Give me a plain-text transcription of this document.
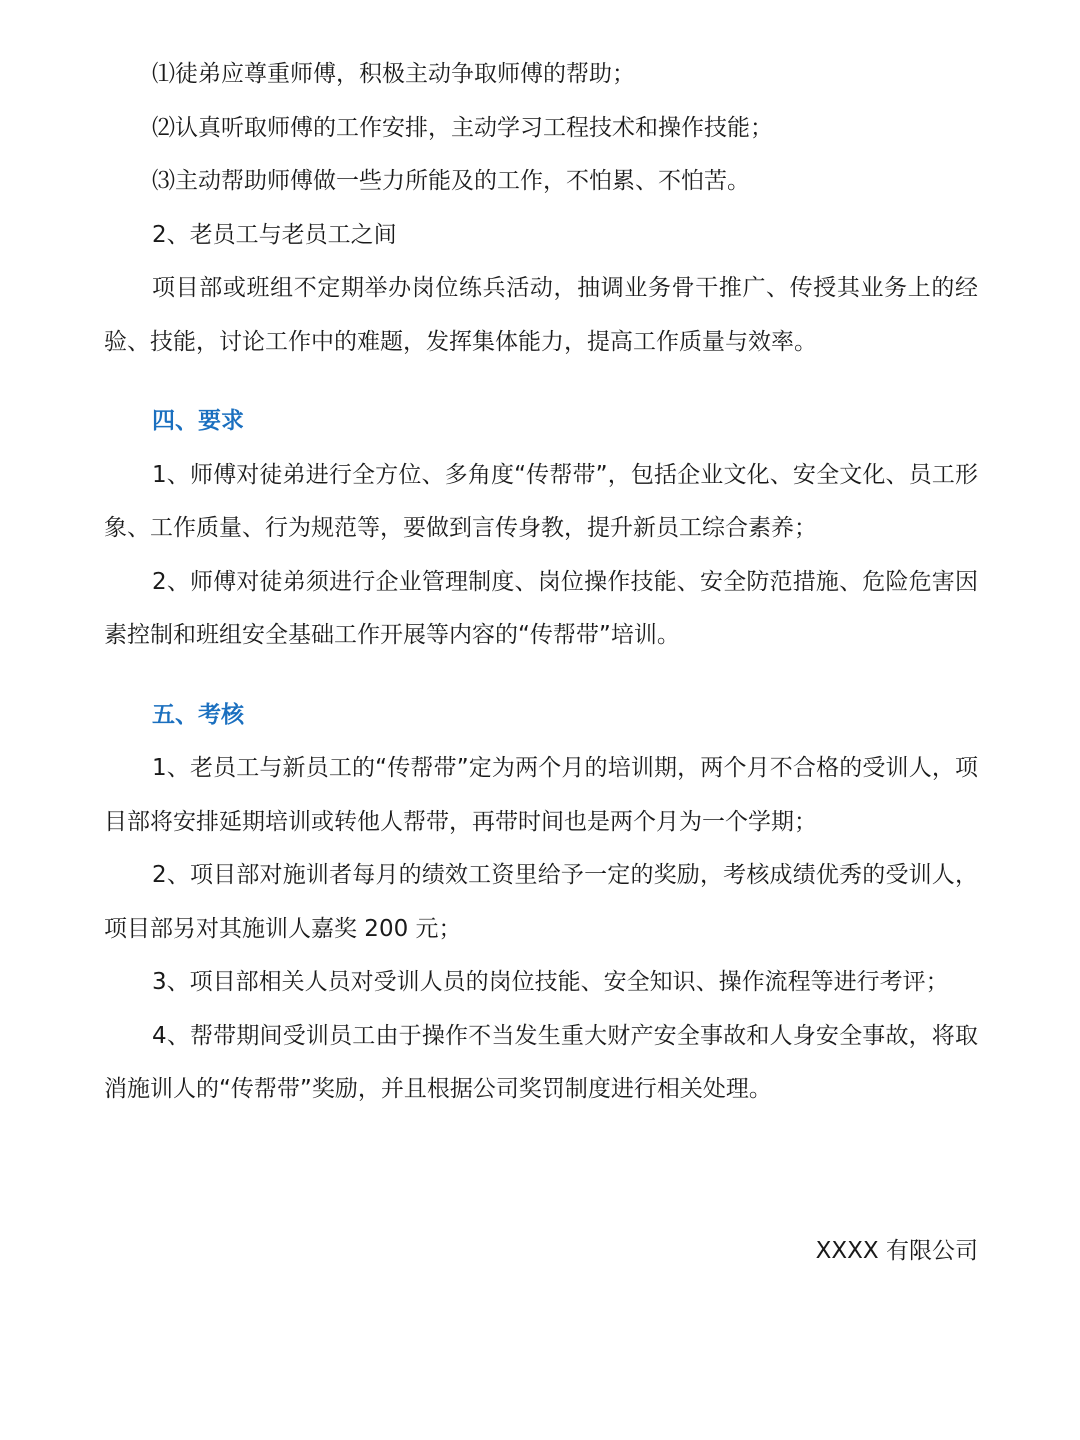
⑴徒弟应尊重师傅，积极主动争取师傅的帮助；

⑵认真听取师傅的工作安排，主动学习工程技术和操作技能；

⑶主动帮助师傅做一些力所能及的工作，不怕累、不怕苦。

2、老员工与老员工之间

项目部或班组不定期举办岗位练兵活动，抽调业务骨干推广、传授其业务上的经验、技能，讨论工作中的难题，发挥集体能力，提高工作质量与效率。

四、要求

1、师傅对徒弟进行全方位、多角度“传帮带”，包括企业文化、安全文化、员工形象、工作质量、行为规范等，要做到言传身教，提升新员工综合素养；

2、师傅对徒弟须进行企业管理制度、岗位操作技能、安全防范措施、危险危害因素控制和班组安全基础工作开展等内容的“传帮带”培训。

五、考核

1、老员工与新员工的“传帮带”定为两个月的培训期，两个月不合格的受训人，项目部将安排延期培训或转他人帮带，再带时间也是两个月为一个学期；

2、项目部对施训者每月的绩效工资里给予一定的奖励，考核成绩优秀的受训人，项目部另对其施训人嘉奖 200 元；

3、项目部相关人员对受训人员的岗位技能、安全知识、操作流程等进行考评；

4、帮带期间受训员工由于操作不当发生重大财产安全事故和人身安全事故，将取消施训人的“传帮带”奖励，并且根据公司奖罚制度进行相关处理。

XXXX 有限公司
